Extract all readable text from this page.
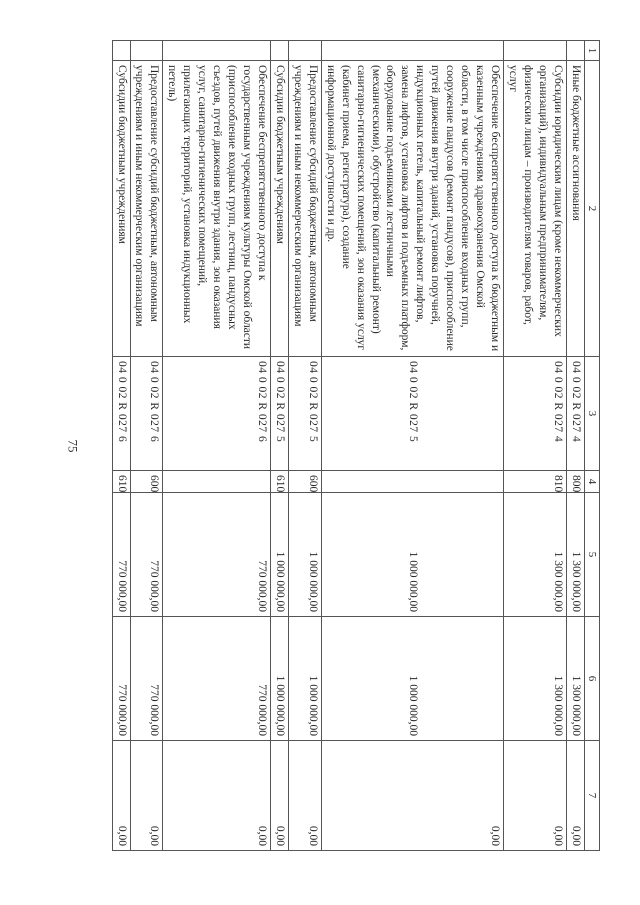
75
1	2	3	4	5	6	7
	Иные бюджетные ассигнования	04 0 02 R 027 4	800	1 300 000,00	1 300 000,00	0,00
	Субсидии юридическим лицам (кроме некоммерческих организаций), индивидуальным предпринимателям, физическим лицам – производителям товаров, работ, услуг	04 0 02 R 027 4	810	1 300 000,00	1 300 000,00	0,00
	Обеспечение беспрепятственного доступа к бюджетным и казенным учреждениям здравоохранения Омской области, в том числе приспособление входных групп, сооружение пандусов (ремонт пандусов), приспособление путей движения внутри зданий, установка поручней, индукционных петель, капитальный ремонт лифтов, замена лифтов, установка лифтов и подъемных платформ, оборудование подъемниками лестничными (механическими), обустройство (капитальный ремонт) санитарно-гигиенических помещений, зон оказания услуг (кабинет приема, регистратура), создание информационной доступности и др.	04 0 02 R 027 5		1 000 000,00	1 000 000,00	0,00
	Предоставление субсидий бюджетным, автономным учреждениям и иным некоммерческим организациям	04 0 02 R 027 5	600	1 000 000,00	1 000 000,00	0,00
	Субсидии бюджетным учреждениям	04 0 02 R 027 5	610	1 000 000,00	1 000 000,00	0,00
	Обеспечение беспрепятственного доступа к государственным учреждениям культуры Омской области (приспособление входных групп, лестниц, пандусных съездов, путей движения внутри здания, зон оказания услуг, санитарно-гигиенических помещений, прилегающих территорий, установка индукционных петель)	04 0 02 R 027 6		770 000,00	770 000,00	0,00
	Предоставление субсидий бюджетным, автономным учреждениям и иным некоммерческим организациям	04 0 02 R 027 6	600	770 000,00	770 000,00	0,00
	Субсидии бюджетным учреждениям	04 0 02 R 027 6	610	770 000,00	770 000,00	0,00
